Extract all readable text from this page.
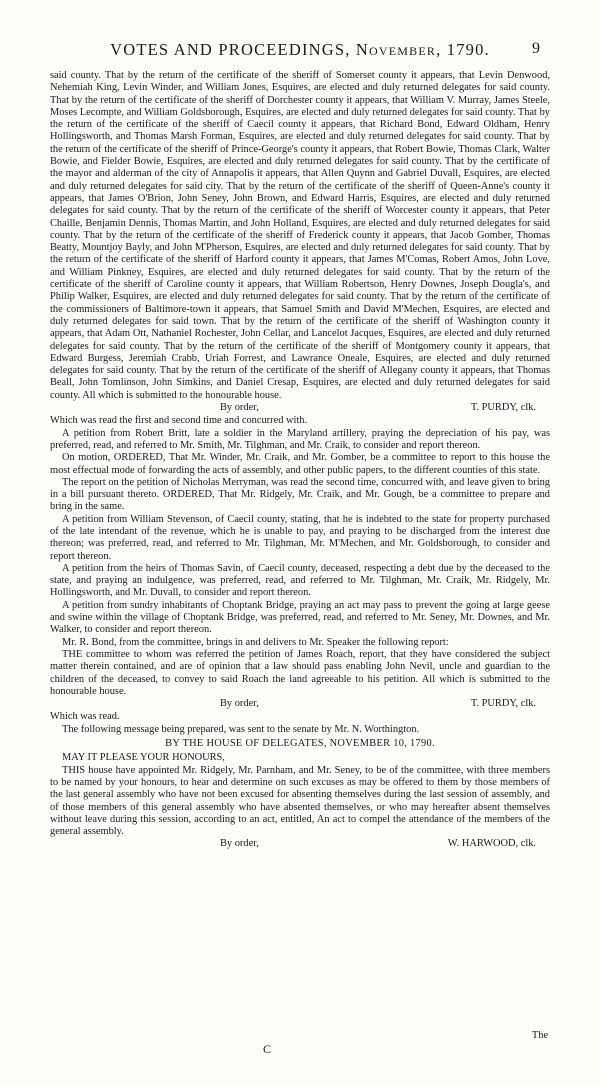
VOTES AND PROCEEDINGS, November, 1790.	9

said county. That by the return of the certificate of the sheriff of Somerset county it appears, that Levin Denwood, Nehemiah King, Levin Winder, and William Jones, Esquires, are elected and duly returned delegates for said county. That by the return of the certificate of the sheriff of Dorchester county it appears, that William V. Murray, James Steele, Moses Lecompte, and William Goldsborough, Esquires, are elected and duly returned delegates for said county. That by the return of the certificate of the sheriff of Caecil county it appears, that Richard Bond, Edward Oldham, Henry Hollingsworth, and Thomas Marsh Forman, Esquires, are elected and duly returned delegates for said county. That by the return of the certificate of the sheriff of Prince-George's county it appears, that Robert Bowie, Thomas Clark, Walter Bowie, and Fielder Bowie, Esquires, are elected and duly returned delegates for said county. That by the certificate of the mayor and alderman of the city of Annapolis it appears, that Allen Quynn and Gabriel Duvall, Esquires, are elected and duly returned delegates for said city. That by the return of the certificate of the sheriff of Queen-Anne's county it appears, that James O'Brion, John Seney, John Brown, and Edward Harris, Esquires, are elected and duly returned delegates for said county. That by the return of the certificate of the sheriff of Worcester county it appears, that Peter Chaille, Benjamin Dennis, Thomas Martin, and John Holland, Esquires, are elected and duly returned delegates for said county. That by the return of the certificate of the sheriff of Frederick county it appears, that Jacob Gomber, Thomas Beatty, Mountjoy Bayly, and John M'Pherson, Esquires, are elected and duly returned delegates for said county. That by the return of the certificate of the sheriff of Harford county it appears, that James M'Comas, Robert Amos, John Love, and William Pinkney, Esquires, are elected and duly returned delegates for said county. That by the return of the certificate of the sheriff of Caroline county it appears, that William Robertson, Henry Downes, Joseph Dougla's, and Philip Walker, Esquires, are elected and duly returned delegates for said county. That by the return of the certificate of the commissioners of Baltimore-town it appears, that Samuel Smith and David M'Mechen, Esquires, are elected and duly returned delegates for said town. That by the return of the certificate of the sheriff of Washington county it appears, that Adam Ott, Nathaniel Rochester, John Cellar, and Lancelot Jacques, Esquires, are elected and duly returned delegates for said county. That by the return of the certificate of the sheriff of Montgomery county it appears, that Edward Burgess, Jeremiah Crabb, Uriah Forrest, and Lawrance Oneale, Esquires, are elected and duly returned delegates for said county. That by the return of the certificate of the sheriff of Allegany county it appears, that Thomas Beall, John Tomlinson, John Simkins, and Daniel Cresap, Esquires, are elected and duly returned delegates for said county. All which is submitted to the honourable house.

By order,	T. PURDY, clk.

Which was read the first and second time and concurred with.

A petition from Robert Britt, late a soldier in the Maryland artillery, praying the depreciation of his pay, was preferred, read, and referred to Mr. Smith, Mr. Tilghman, and Mr. Craik, to consider and report thereon.

On motion, ORDERED, That Mr. Winder, Mr. Craik, and Mr. Gomber, be a committee to report to this house the most effectual mode of forwarding the acts of assembly, and other public papers, to the different counties of this state.

The report on the petition of Nicholas Merryman, was read the second time, concurred with, and leave given to bring in a bill pursuant thereto. ORDERED, That Mr. Ridgely, Mr. Craik, and Mr. Gough, be a committee to prepare and bring in the same.

A petition from William Stevenson, of Caecil county, stating, that he is indebted to the state for property purchased of the late intendant of the revenue, which he is unable to pay, and praying to be discharged from the interest due thereon; was preferred, read, and referred to Mr. Tilghman, Mr. M'Mechen, and Mr. Goldsborough, to consider and report thereon.

A petition from the heirs of Thomas Savin, of Caecil county, deceased, respecting a debt due by the deceased to the state, and praying an indulgence, was preferred, read, and referred to Mr. Tilghman, Mr. Craik, Mr. Ridgely, Mr. Hollingsworth, and Mr. Duvall, to consider and report thereon.

A petition from sundry inhabitants of Choptank Bridge, praying an act may pass to prevent the going at large geese and swine within the village of Choptank Bridge, was preferred, read, and referred to Mr. Seney, Mr. Downes, and Mr. Walker, to consider and report thereon.

Mr. R. Bond, from the committee, brings in and delivers to Mr. Speaker the following report:

THE committee to whom was referred the petition of James Roach, report, that they have considered the subject matter therein contained, and are of opinion that a law should pass enabling John Nevil, uncle and guardian to the children of the deceased, to convey to said Roach the land agreeable to his petition. All which is submitted to the honourable house.

By order,	T. PURDY, clk.

Which was read.

The following message being prepared, was sent to the senate by Mr. N. Worthington.

BY THE HOUSE OF DELEGATES, NOVEMBER 10, 1790.

MAY IT PLEASE YOUR HONOURS,

THIS house have appointed Mr. Ridgely, Mr. Parnham, and Mr. Seney, to be of the committee, with three members to be named by your honours, to hear and determine on such excuses as may be offered to them by those members of the last general assembly who have not been excused for absenting themselves during the last session of assembly, and of those members of this general assembly who have absented themselves, or who may hereafter absent themselves without leave during this session, according to an act, entitled, An act to compel the attendance of the members of the general assembly.

By order,	W. HARWOOD, clk.
The
C
